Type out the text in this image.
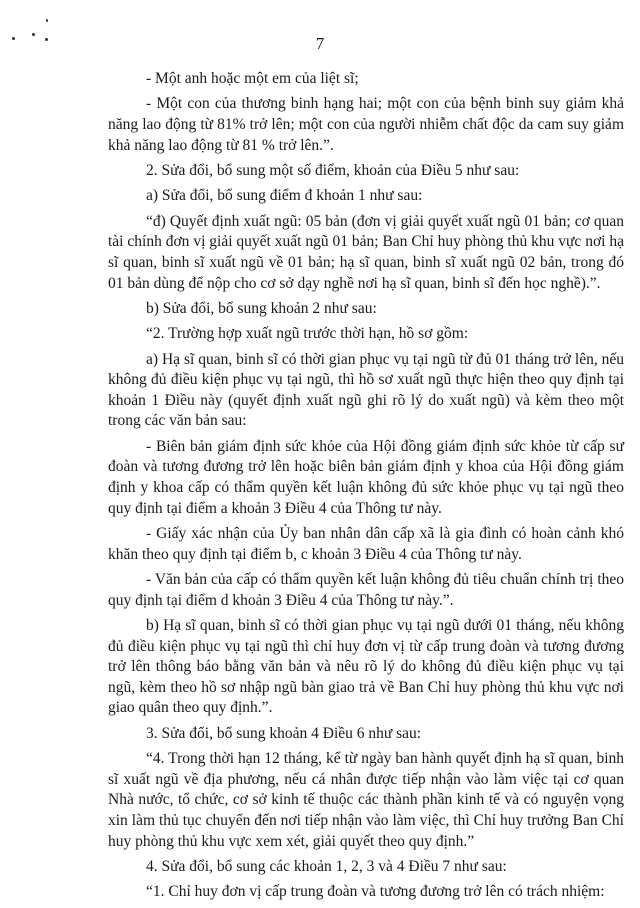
7

- Một anh hoặc một em của liệt sĩ;

- Một con của thương binh hạng hai; một con của bệnh binh suy giảm khả năng lao động từ 81% trở lên; một con của người nhiễm chất độc da cam suy giảm khả năng lao động từ 81 % trở lên.”.

2. Sửa đổi, bổ sung một số điểm, khoản của Điều 5 như sau:

a) Sửa đổi, bổ sung điểm đ khoản 1 như sau:

“đ) Quyết định xuất ngũ: 05 bản (đơn vị giải quyết xuất ngũ 01 bản; cơ quan tài chính đơn vị giải quyết xuất ngũ 01 bản; Ban Chỉ huy phòng thủ khu vực nơi hạ sĩ quan, binh sĩ xuất ngũ về 01 bản; hạ sĩ quan, binh sĩ xuất ngũ 02 bản, trong đó 01 bản dùng để nộp cho cơ sở dạy nghề nơi hạ sĩ quan, binh sĩ đến học nghề).”.

b) Sửa đổi, bổ sung khoản 2 như sau:

“2. Trường hợp xuất ngũ trước thời hạn, hồ sơ gồm:

a) Hạ sĩ quan, binh sĩ có thời gian phục vụ tại ngũ từ đủ 01 tháng trở lên, nếu không đủ điều kiện phục vụ tại ngũ, thì hồ sơ xuất ngũ thực hiện theo quy định tại khoản 1 Điều này (quyết định xuất ngũ ghi rõ lý do xuất ngũ) và kèm theo một trong các văn bản sau:

- Biên bản giám định sức khỏe của Hội đồng giám định sức khỏe từ cấp sư đoàn và tương đương trở lên hoặc biên bản giám định y khoa của Hội đồng giám định y khoa cấp có thẩm quyền kết luận không đủ sức khỏe phục vụ tại ngũ theo quy định tại điểm a khoản 3 Điều 4 của Thông tư này.

- Giấy xác nhận của Ủy ban nhân dân cấp xã là gia đình có hoàn cảnh khó khăn theo quy định tại điểm b, c khoản 3 Điều 4 của Thông tư này.

- Văn bản của cấp có thẩm quyền kết luận không đủ tiêu chuẩn chính trị theo quy định tại điểm d khoản 3 Điều 4 của Thông tư này.”.

b) Hạ sĩ quan, binh sĩ có thời gian phục vụ tại ngũ dưới 01 tháng, nếu không đủ điều kiện phục vụ tại ngũ thì chỉ huy đơn vị từ cấp trung đoàn và tương đương trở lên thông báo bằng văn bản và nêu rõ lý do không đủ điều kiện phục vụ tại ngũ, kèm theo hồ sơ nhập ngũ bàn giao trả về Ban Chỉ huy phòng thủ khu vực nơi giao quân theo quy định.”.

3. Sửa đổi, bổ sung khoản 4 Điều 6 như sau:

“4. Trong thời hạn 12 tháng, kể từ ngày ban hành quyết định hạ sĩ quan, binh sĩ xuất ngũ về địa phương, nếu cá nhân được tiếp nhận vào làm việc tại cơ quan Nhà nước, tổ chức, cơ sở kinh tế thuộc các thành phần kinh tế và có nguyện vọng xin làm thủ tục chuyển đến nơi tiếp nhận vào làm việc, thì Chỉ huy trưởng Ban Chỉ huy phòng thủ khu vực xem xét, giải quyết theo quy định.”

4. Sửa đổi, bổ sung các khoản 1, 2, 3 và 4 Điều 7 như sau:

“1. Chỉ huy đơn vị cấp trung đoàn và tương đương trở lên có trách nhiệm:
